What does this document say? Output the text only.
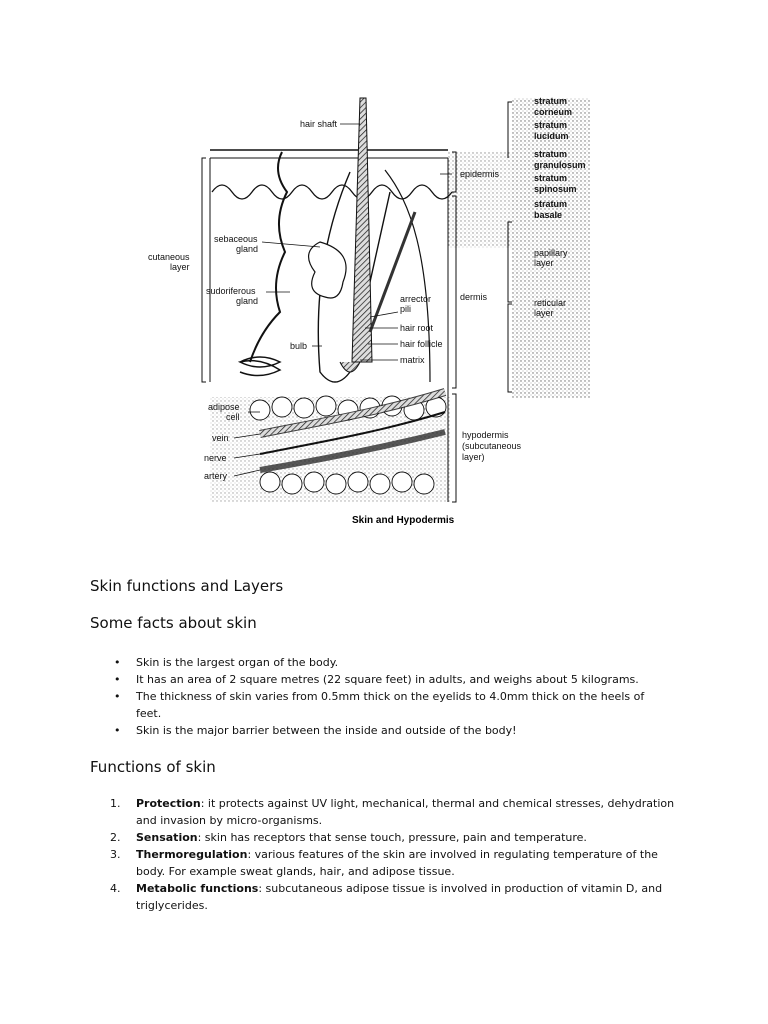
hair shaft
cutaneous
layer
sebaceous
gland
sudoriferous
gland
bulb
arrector
pili
hair root
hair follicle
matrix
epidermis
dermis
papillary
layer
reticular
layer
adipose
cell
vein
nerve
artery
hypodermis
(subcutaneous
layer)
stratum
corneum
stratum
lucidum
stratum
granulosum
stratum
spinosum
stratum
basale
Skin and Hypodermis
Skin functions and Layers
Some facts about skin
• Skin is the largest organ of the body.
• It has an area of 2 square metres (22 square feet) in adults, and weighs about 5 kilograms.
• The thickness of skin varies from 0.5mm thick on the eyelids to 4.0mm thick on the heels of feet.
• Skin is the major barrier between the inside and outside of the body!
Functions of skin
1. Protection: it protects against UV light, mechanical, thermal and chemical stresses, dehydration and invasion by micro-organisms.
2. Sensation: skin has receptors that sense touch, pressure, pain and temperature.
3. Thermoregulation: various features of the skin are involved in regulating temperature of the body. For example sweat glands, hair, and adipose tissue.
4. Metabolic functions: subcutaneous adipose tissue is involved in production of vitamin D, and triglycerides.
